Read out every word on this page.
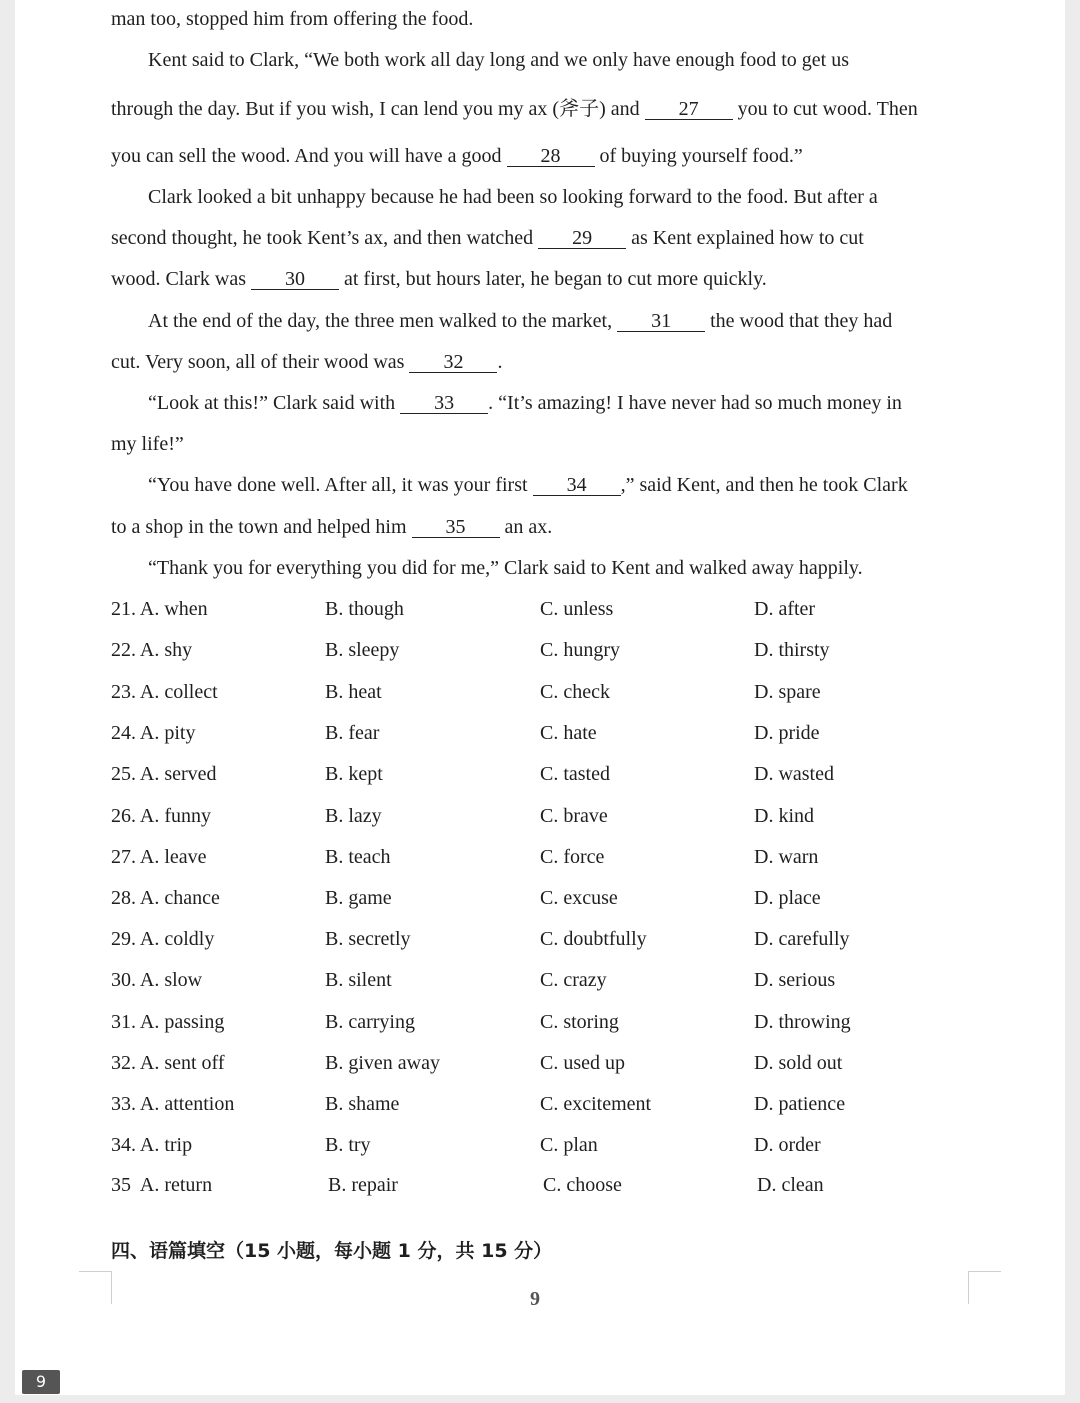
man too, stopped him from offering the food.
Kent said to Clark, “We both work all day long and we only have enough food to get us
through the day. But if you wish, I can lend you my ax (斧子) and 27 you to cut wood. Then
you can sell the wood. And you will have a good 28 of buying yourself food.”
Clark looked a bit unhappy because he had been so looking forward to the food. But after a
second thought, he took Kent’s ax, and then watched 29 as Kent explained how to cut
wood. Clark was 30 at first, but hours later, he began to cut more quickly.
At the end of the day, the three men walked to the market, 31 the wood that they had
cut. Very soon, all of their wood was 32 .
“Look at this!” Clark said with 33 . “It’s amazing! I have never had so much money in
my life!”
“You have done well. After all, it was your first 34 ,” said Kent, and then he took Clark
to a shop in the town and helped him 35 an ax.
“Thank you for everything you did for me,” Clark said to Kent and walked away happily.
21. A. when	B. though	C. unless	D. after
22. A. shy	B. sleepy	C. hungry	D. thirsty
23. A. collect	B. heat	C. check	D. spare
24. A. pity	B. fear	C. hate	D. pride
25. A. served	B. kept	C. tasted	D. wasted
26. A. funny	B. lazy	C. brave	D. kind
27. A. leave	B. teach	C. force	D. warn
28. A. chance	B. game	C. excuse	D. place
29. A. coldly	B. secretly	C. doubtfully	D. carefully
30. A. slow	B. silent	C. crazy	D. serious
31. A. passing	B. carrying	C. storing	D. throwing
32. A. sent off	B. given away	C. used up	D. sold out
33. A. attention	B. shame	C. excitement	D. patience
34. A. trip	B. try	C. plan	D. order
35  A. return	B. repair	C. choose	D. clean
四、语篇填空（15 小题，每小题 1 分，共 15 分）
9
9
